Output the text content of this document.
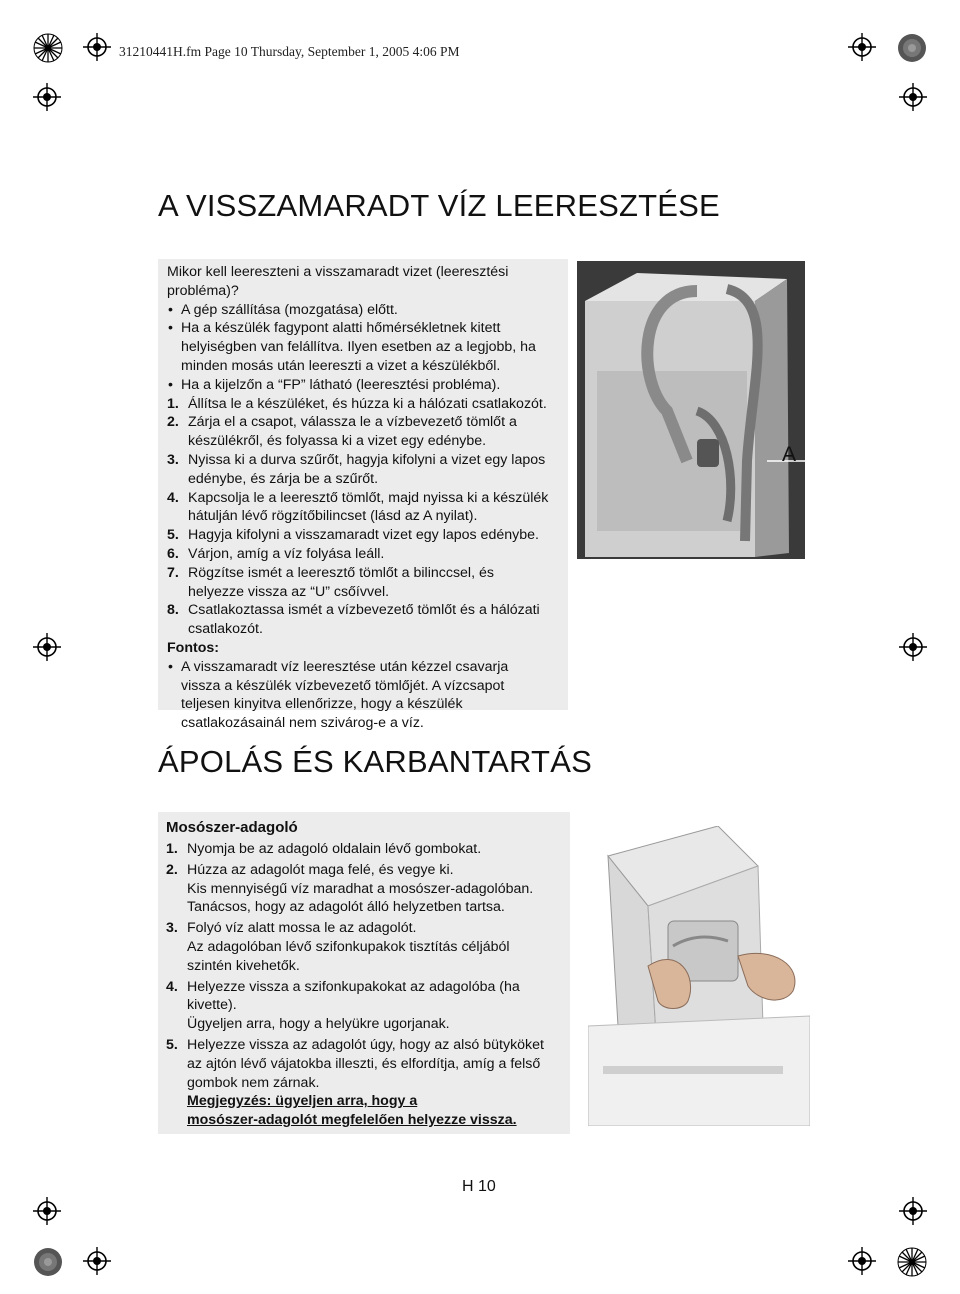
31210441H.fm Page 10 Thursday, September 1, 2005 4:06 PM
A VISSZAMARADT VÍZ LEERESZTÉSE

Mikor kell leereszteni a visszamaradt vizet (leeresztési

probléma)?

• A gép szállítása (mozgatása) előtt.
• Ha a készülék fagypont alatti hőmérsékletnek kitett
helyiségben van felállítva. Ilyen esetben az a legjobb, ha
minden mosás után leereszti a vizet a készülékből.
• Ha a kijelzőn a “FP” látható (leeresztési probléma).
1. Állítsa le a készüléket, és húzza ki a hálózati csatlakozót.
2. Zárja el a csapot, válassza le a vízbevezető tömlőt a
készülékről, és folyassa ki a vizet egy edénybe.
3. Nyissa ki a durva szűrőt, hagyja kifolyni a vizet egy lapos
edénybe, és zárja be a szűrőt.
4. Kapcsolja le a leeresztő tömlőt, majd nyissa ki a készülék
hátulján lévő rögzítőbilincset (lásd az A nyilat).
5. Hagyja kifolyni a visszamaradt vizet egy lapos edénybe.
6. Várjon, amíg a víz folyása leáll.
7. Rögzítse ismét a leeresztő tömlőt a bilinccsel, és
helyezze vissza az “U” csőívvel.
8. Csatlakoztassa ismét a vízbevezető tömlőt és a hálózati
csatlakozót.
Fontos:
• A visszamaradt víz leeresztése után kézzel csavarja
vissza a készülék vízbevezető tömlőjét. A vízcsapot
teljesen kinyitva ellenőrizze, hogy a készülék
csatlakozásainál nem szivárog-e a víz.
A
ÁPOLÁS ÉS KARBANTARTÁS
Mosószer-adagoló
1. Nyomja be az adagoló oldalain lévő gombokat.
2. Húzza az adagolót maga felé, és vegye ki.
Kis mennyiségű víz maradhat a mosószer-adagolóban.
Tanácsos, hogy az adagolót álló helyzetben tartsa.
3. Folyó víz alatt mossa le az adagolót.
Az adagolóban lévő szifonkupakok tisztítás céljából
szintén kivehetők.
4. Helyezze vissza a szifonkupakokat az adagolóba (ha
kivette).
Ügyeljen arra, hogy a helyükre ugorjanak.
5. Helyezze vissza az adagolót úgy, hogy az alsó bütyköket
az ajtón lévő vájatokba illeszti, és elfordítja, amíg a felső
gombok nem zárnak.
Megjegyzés: ügyeljen arra, hogy a
mosószer-adagolót megfelelően helyezze vissza.
H 10
